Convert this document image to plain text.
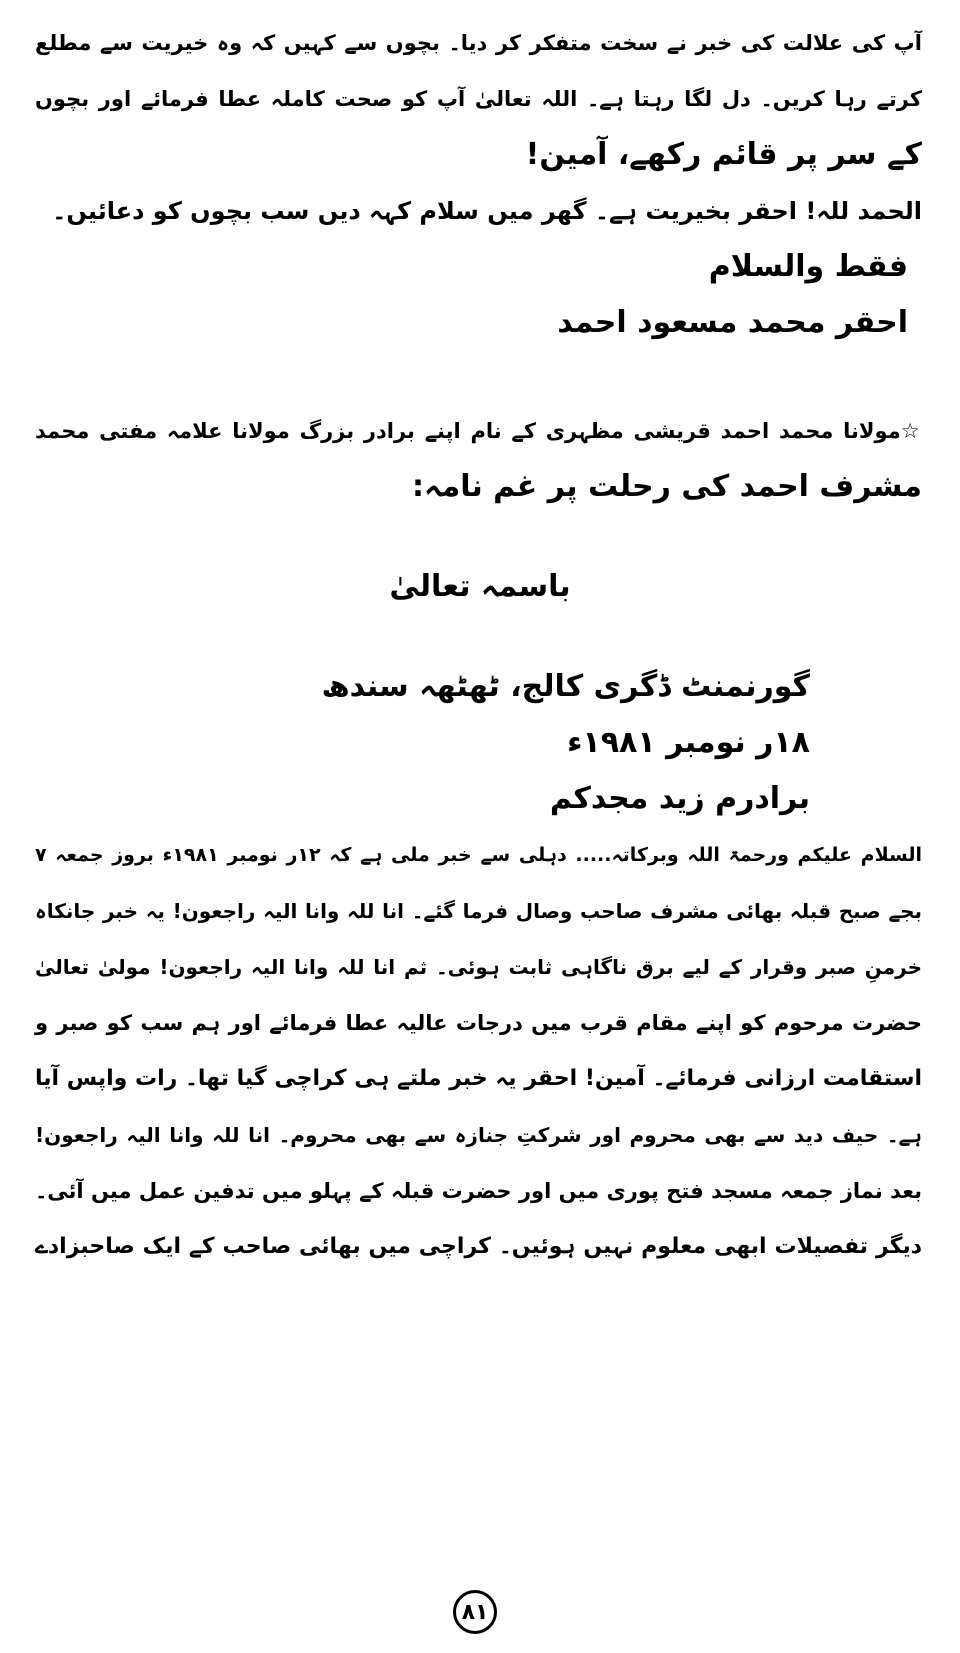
آپ کی علالت کی خبر نے سخت متفکر کر دیا۔ بچوں سے کہیں کہ وہ خیریت سے مطلع
کرتے رہا کریں۔ دل لگا رہتا ہے۔ اللہ تعالیٰ آپ کو صحت کاملہ عطا فرمائے اور بچوں
کے سر پر قائم رکھے، آمین!
الحمد للہ! احقر بخیریت ہے۔ گھر میں سلام کہہ دیں سب بچوں کو دعائیں۔
فقط والسلام
احقر محمد مسعود احمد
☆مولانا محمد احمد قریشی مظہری کے نام اپنے برادر بزرگ مولانا علامہ مفتی محمد
مشرف احمد کی رحلت پر غم نامہ:
باسمہ تعالیٰ
گورنمنٹ ڈگری کالج، ٹھٹھہ سندھ
۱۸ر نومبر ۱۹۸۱ء
برادرم زید مجدکم
السلام علیکم ورحمۃ اللہ وبرکاتہ..... دہلی سے خبر ملی ہے کہ ۱۲ر نومبر ۱۹۸۱ء بروز جمعہ ۷
بجے صبح قبلہ بھائی مشرف صاحب وصال فرما گئے۔ انا للہ وانا الیہ راجعون! یہ خبر جانکاہ
خرمنِ صبر وقرار کے لیے برق ناگاہی ثابت ہوئی۔ ثم انا للہ وانا الیہ راجعون! مولیٰ تعالیٰ
حضرت مرحوم کو اپنے مقام قرب میں درجات عالیہ عطا فرمائے اور ہم سب کو صبر و
استقامت ارزانی فرمائے۔ آمین! احقر یہ خبر ملتے ہی کراچی گیا تھا۔ رات واپس آیا
ہے۔ حیف دید سے بھی محروم اور شرکتِ جنازہ سے بھی محروم۔ انا للہ وانا الیہ راجعون!
بعد نماز جمعہ مسجد فتح پوری میں اور حضرت قبلہ کے پہلو میں تدفین عمل میں آئی۔
دیگر تفصیلات ابھی معلوم نہیں ہوئیں۔ کراچی میں بھائی صاحب کے ایک صاحبزادے
۸۱
